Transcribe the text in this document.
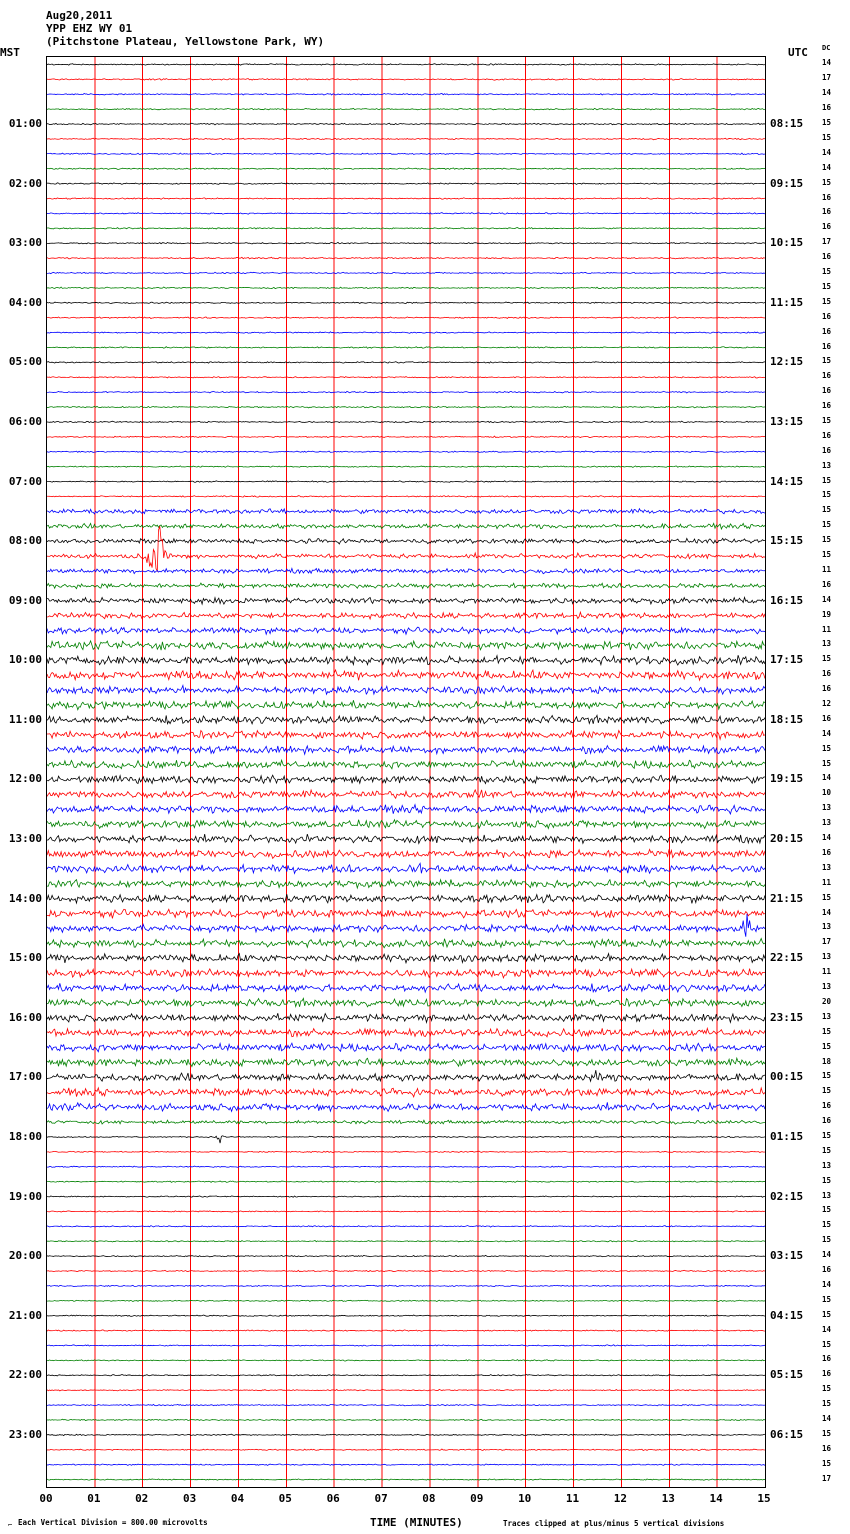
Aug20,2011
YPP EHZ WY 01
(Pitchstone Plateau, Yellowstone Park, WY)
MST	UTC DC
01:00
02:00
03:00
04:00
05:00
06:00
07:00
08:00
09:00
10:00
11:00
12:00
13:00
14:00
15:00
16:00
17:00
18:00
19:00
20:00
21:00
22:00
23:00
08:15
09:15
10:15
11:15
12:15
13:15
14:15
15:15
16:15
17:15
18:15
19:15
20:15
21:15
22:15
23:15
00:15
01:15
02:15
03:15
04:15
05:15
06:15
14
17
14
16
15
15
14
14
15
16
16
16
17
16
15
15
15
16
16
16
15
16
16
16
15
16
16
13
15
15
15
15
15
15
11
16
14
19
11
13
15
16
16
12
16
14
15
15
14
10
13
13
14
16
13
11
15
14
13
17
13
11
13
20
13
15
15
18
15
15
16
16
15
15
13
15
13
15
15
15
14
16
14
15
15
14
15
16
16
15
15
14
15
16
15
17
00	01	02	03	04	05	06	07	08	09	10	11	12	13	14	15
TIME (MINUTES)
⌐ Each Vertical Division = 800.00 microvolts	Traces clipped at plus/minus 5 vertical divisions
